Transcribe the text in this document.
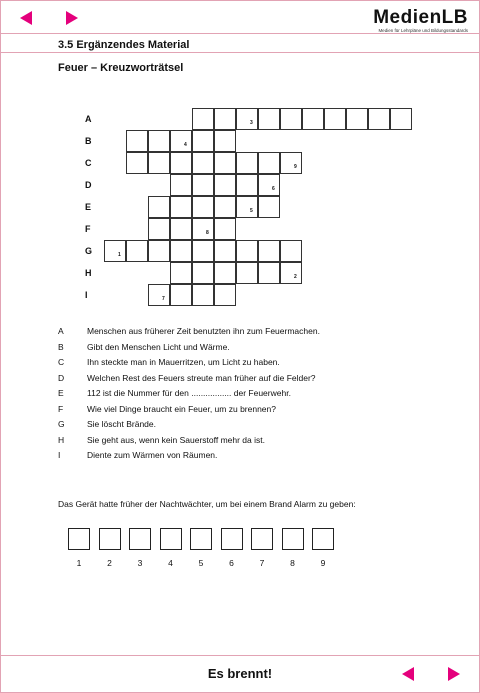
MedienLB
Medien für Lehrpläne und Bildungsstandards
3.5 Ergänzendes Material
Feuer – Kreuzworträtsel
A	3
B	4
C	9
D	6
E	5
F	8
G	1
H	2
I	7
A	Menschen aus früherer Zeit benutzten ihn zum Feuermachen.
B	Gibt den Menschen Licht und Wärme.
C	Ihn steckte man in Mauerritzen, um Licht zu haben.
D	Welchen Rest des Feuers streute man früher auf die Felder?
E	112 ist die Nummer für den ................. der Feuerwehr.
F	Wie viel Dinge braucht ein Feuer, um zu brennen?
G	Sie löscht Brände.
H	Sie geht aus, wenn kein Sauerstoff mehr da ist.
I	Diente zum Wärmen von Räumen.
Das Gerät hatte früher der Nachtwächter, um bei einem Brand Alarm zu geben:
1	2	3	4	5	6	7	8	9
Es brennt!
